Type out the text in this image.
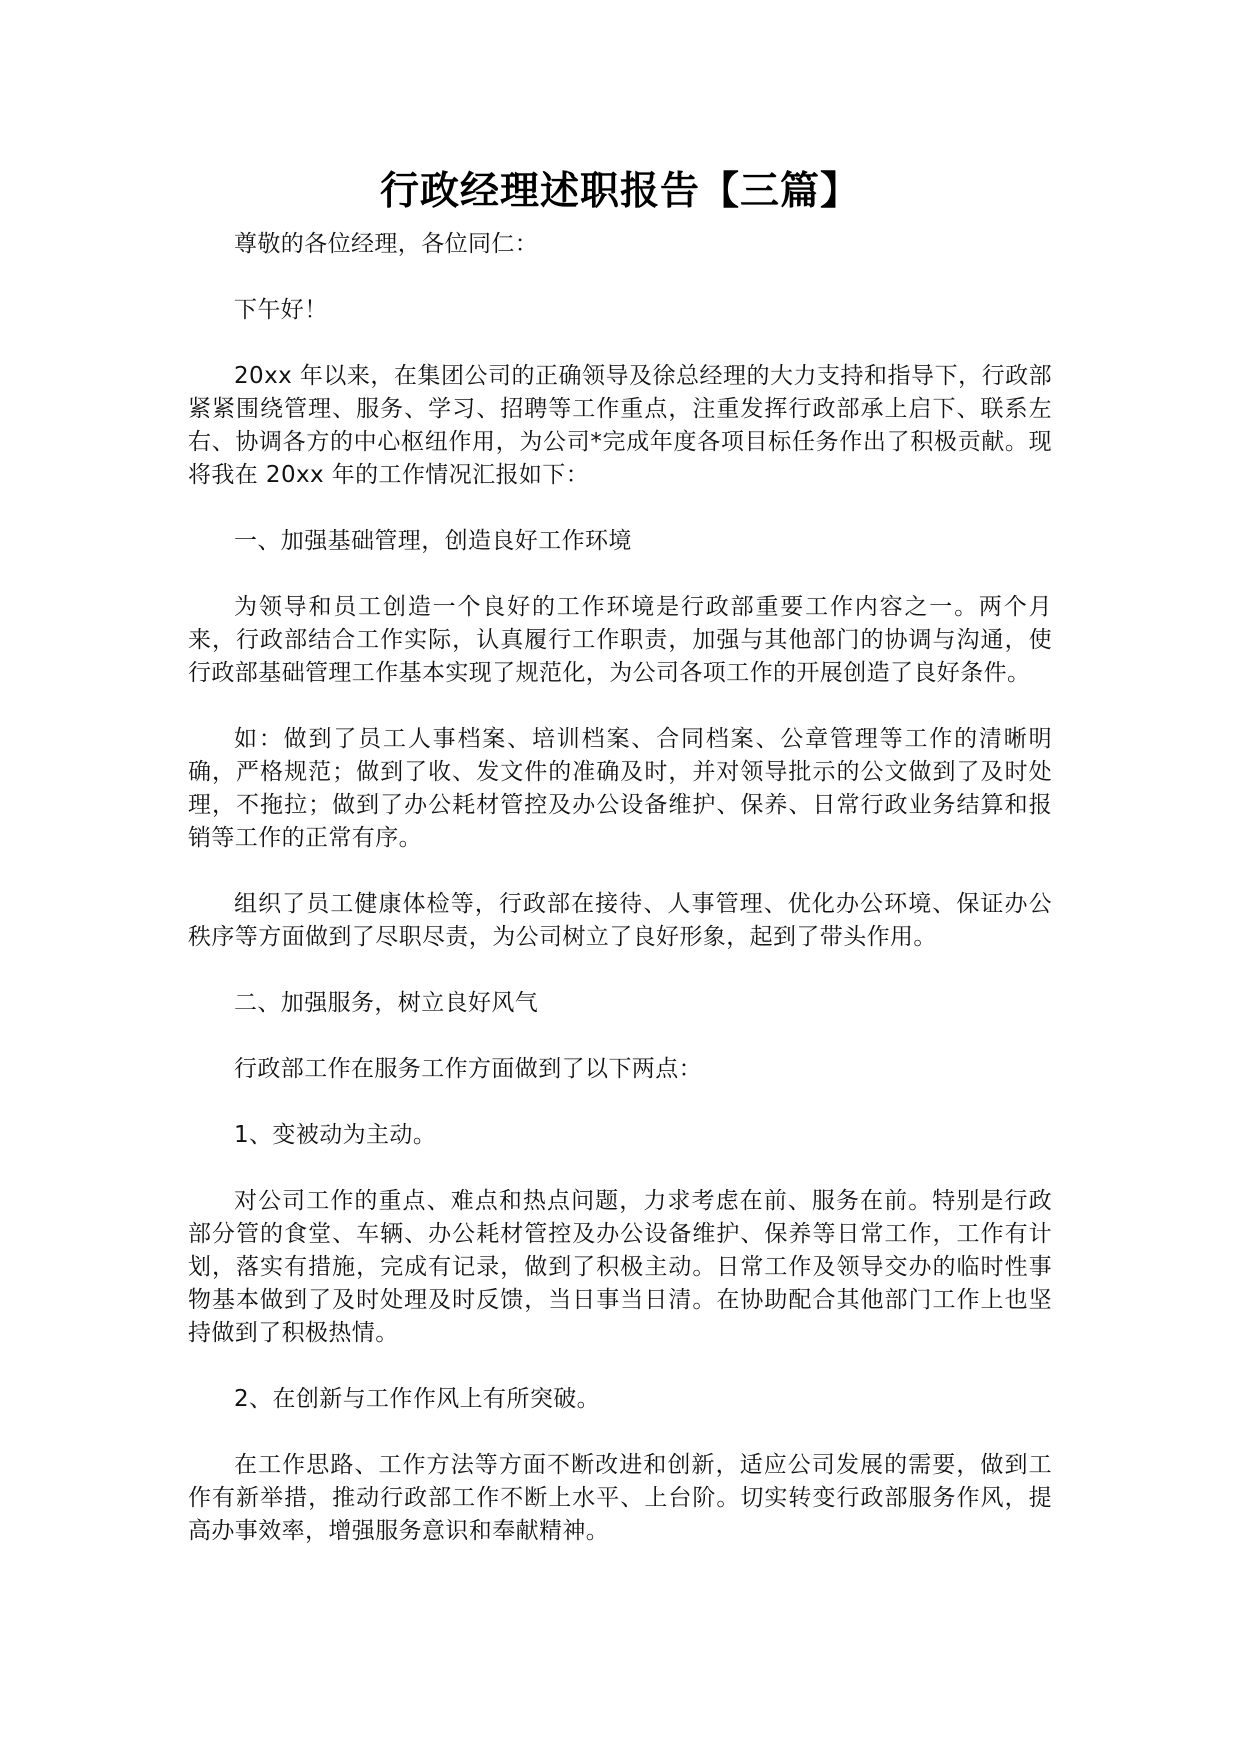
行政经理述职报告【三篇】

尊敬的各位经理，各位同仁：

下午好！

20xx 年以来，在集团公司的正确领导及徐总经理的大力支持和指导下，行政部紧紧围绕管理、服务、学习、招聘等工作重点，注重发挥行政部承上启下、联系左右、协调各方的中心枢纽作用，为公司*完成年度各项目标任务作出了积极贡献。现将我在 20xx 年的工作情况汇报如下：

一、加强基础管理，创造良好工作环境

为领导和员工创造一个良好的工作环境是行政部重要工作内容之一。两个月来，行政部结合工作实际，认真履行工作职责，加强与其他部门的协调与沟通，使行政部基础管理工作基本实现了规范化，为公司各项工作的开展创造了良好条件。

如：做到了员工人事档案、培训档案、合同档案、公章管理等工作的清晰明确，严格规范；做到了收、发文件的准确及时，并对领导批示的公文做到了及时处理，不拖拉；做到了办公耗材管控及办公设备维护、保养、日常行政业务结算和报销等工作的正常有序。

组织了员工健康体检等，行政部在接待、人事管理、优化办公环境、保证办公秩序等方面做到了尽职尽责，为公司树立了良好形象，起到了带头作用。

二、加强服务，树立良好风气

行政部工作在服务工作方面做到了以下两点：

1、变被动为主动。

对公司工作的重点、难点和热点问题，力求考虑在前、服务在前。特别是行政部分管的食堂、车辆、办公耗材管控及办公设备维护、保养等日常工作，工作有计划，落实有措施，完成有记录，做到了积极主动。日常工作及领导交办的临时性事物基本做到了及时处理及时反馈，当日事当日清。在协助配合其他部门工作上也坚持做到了积极热情。

2、在创新与工作作风上有所突破。

在工作思路、工作方法等方面不断改进和创新，适应公司发展的需要，做到工作有新举措，推动行政部工作不断上水平、上台阶。切实转变行政部服务作风，提高办事效率，增强服务意识和奉献精神。
